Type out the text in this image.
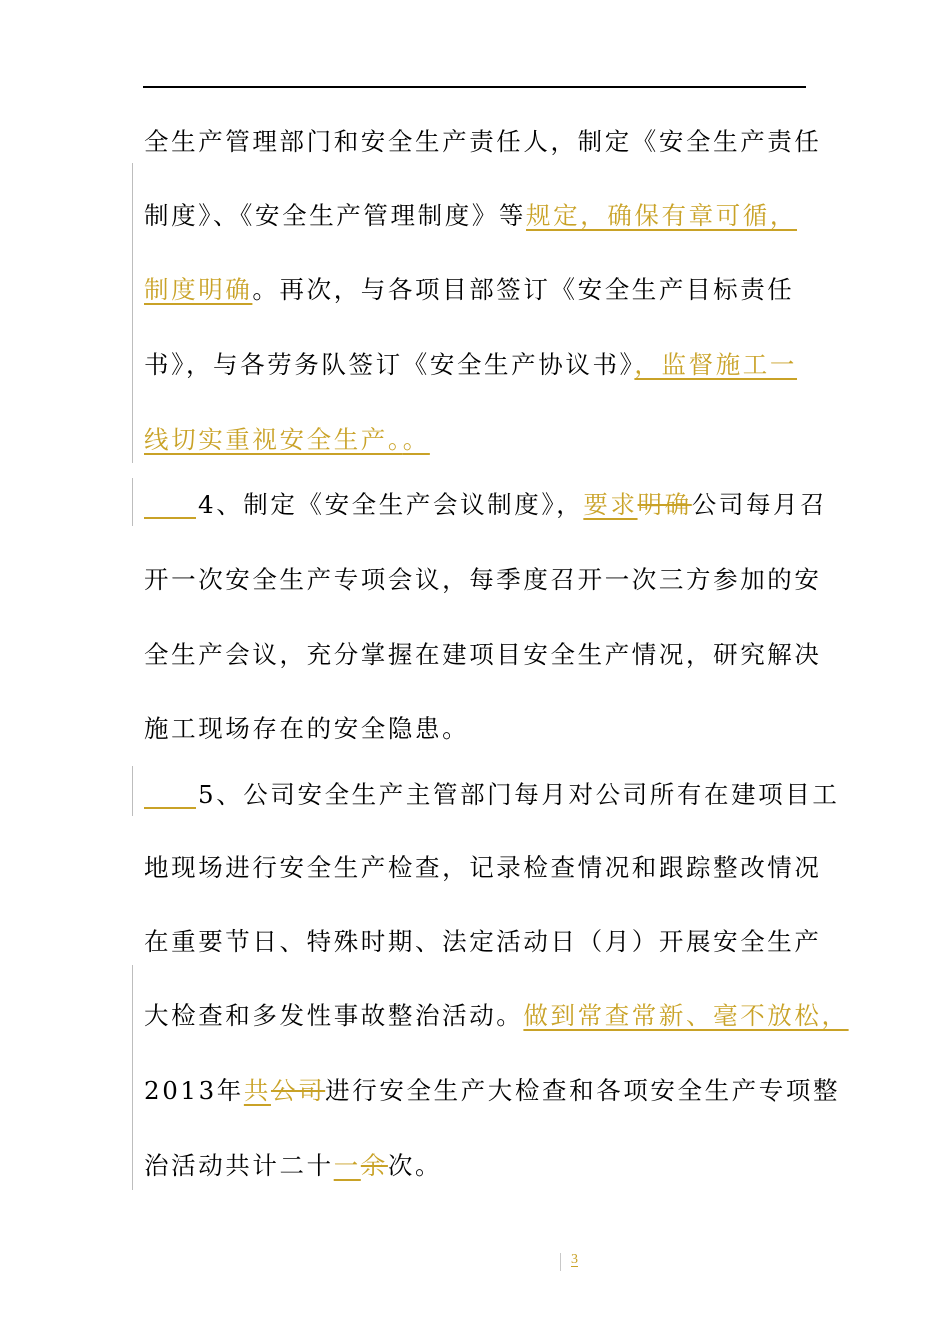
全生产管理部门和安全生产责任人，制定《安全生产责任
制度》、《安全生产管理制度》等规定，确保有章可循，
制度明确。再次，与各项目部签订《安全生产目标责任
书》，与各劳务队签订《安全生产协议书》，监督施工一
线切实重视安全生产。。
4、制定《安全生产会议制度》，要求明确公司每月召
开一次安全生产专项会议，每季度召开一次三方参加的安
全生产会议，充分掌握在建项目安全生产情况，研究解决
施工现场存在的安全隐患。
5、公司安全生产主管部门每月对公司所有在建项目工
地现场进行安全生产检查，记录检查情况和跟踪整改情况
在重要节日、特殊时期、法定活动日（月）开展安全生产
大检查和多发性事故整治活动。做到常查常新、毫不放松，
2013年共公司进行安全生产大检查和各项安全生产专项整
治活动共计二十一余次。
3
